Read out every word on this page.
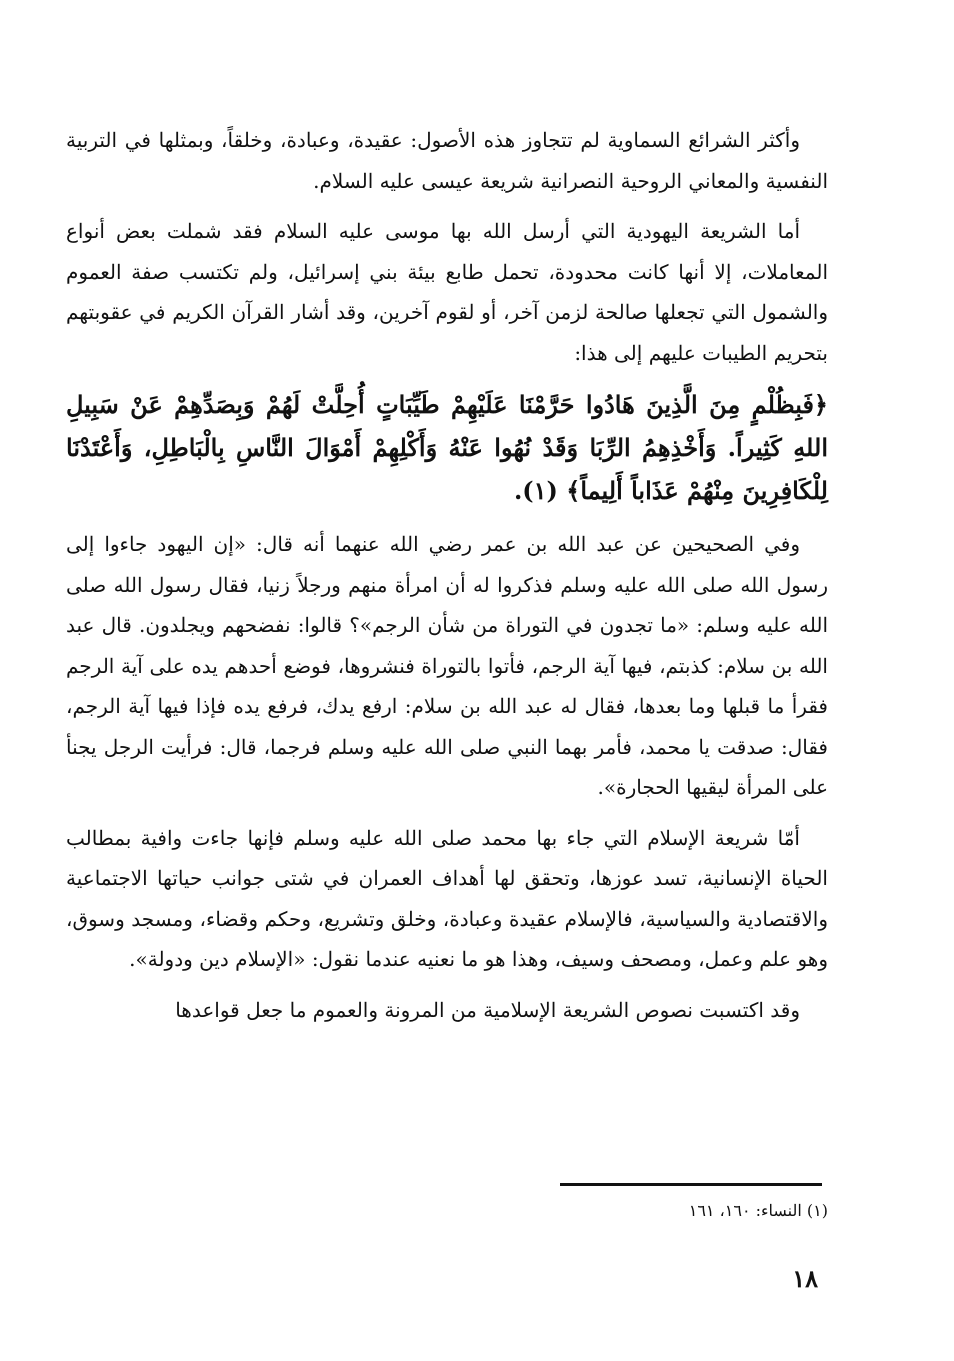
وأكثر الشرائع السماوية لم تتجاوز هذه الأصول: عقيدة، وعبادة، وخلقاً، وبمثلها في التربية النفسية والمعاني الروحية النصرانية شريعة عيسى عليه السلام.

أما الشريعة اليهودية التي أرسل الله بها موسى عليه السلام فقد شملت بعض أنواع المعاملات، إلا أنها كانت محدودة، تحمل طابع بيئة بني إسرائيل، ولم تكتسب صفة العموم والشمول التي تجعلها صالحة لزمن آخر، أو لقوم آخرين، وقد أشار القرآن الكريم في عقوبتهم بتحريم الطيبات عليهم إلى هذا:

﴿فَبِظُلْمٍ مِنَ الَّذِينَ هَادُوا حَرَّمْنَا عَلَيْهِمْ طَيِّبَاتٍ أُحِلَّتْ لَهُمْ وَبِصَدِّهِمْ عَنْ سَبِيلِ اللهِ كَثِيراً. وَأَخْذِهِمُ الرِّبَا وَقَدْ نُهُوا عَنْهُ وَأَكْلِهِمْ أَمْوَالَ النَّاسِ بِالْبَاطِلِ، وَأَعْتَدْنَا لِلْكَافِرِينَ مِنْهُمْ عَذَاباً أَلِيماً﴾ (١).

وفي الصحيحين عن عبد الله بن عمر رضي الله عنهما أنه قال: «إن اليهود جاءوا إلى رسول الله صلى الله عليه وسلم فذكروا له أن امرأة منهم ورجلاً زنيا، فقال رسول الله صلى الله عليه وسلم: «ما تجدون في التوراة من شأن الرجم»؟ قالوا: نفضحهم ويجلدون. قال عبد الله بن سلام: كذبتم، فيها آية الرجم، فأتوا بالتوراة فنشروها، فوضع أحدهم يده على آية الرجم فقرأ ما قبلها وما بعدها، فقال له عبد الله بن سلام: ارفع يدك، فرفع يده فإذا فيها آية الرجم، فقال: صدقت يا محمد، فأمر بهما النبي صلى الله عليه وسلم فرجما، قال: فرأيت الرجل يجنأ على المرأة ليقيها الحجارة».

أمّا شريعة الإسلام التي جاء بها محمد صلى الله عليه وسلم فإنها جاءت وافية بمطالب الحياة الإنسانية، تسد عوزها، وتحقق لها أهداف العمران في شتى جوانب حياتها الاجتماعية والاقتصادية والسياسية، فالإسلام عقيدة وعبادة، وخلق وتشريع، وحكم وقضاء، ومسجد وسوق، وهو علم وعمل، ومصحف وسيف، وهذا هو ما نعنيه عندما نقول: «الإسلام دين ودولة».

وقد اكتسبت نصوص الشريعة الإسلامية من المرونة والعموم ما جعل قواعدها

(١) النساء: ١٦٠، ١٦١
١٨
